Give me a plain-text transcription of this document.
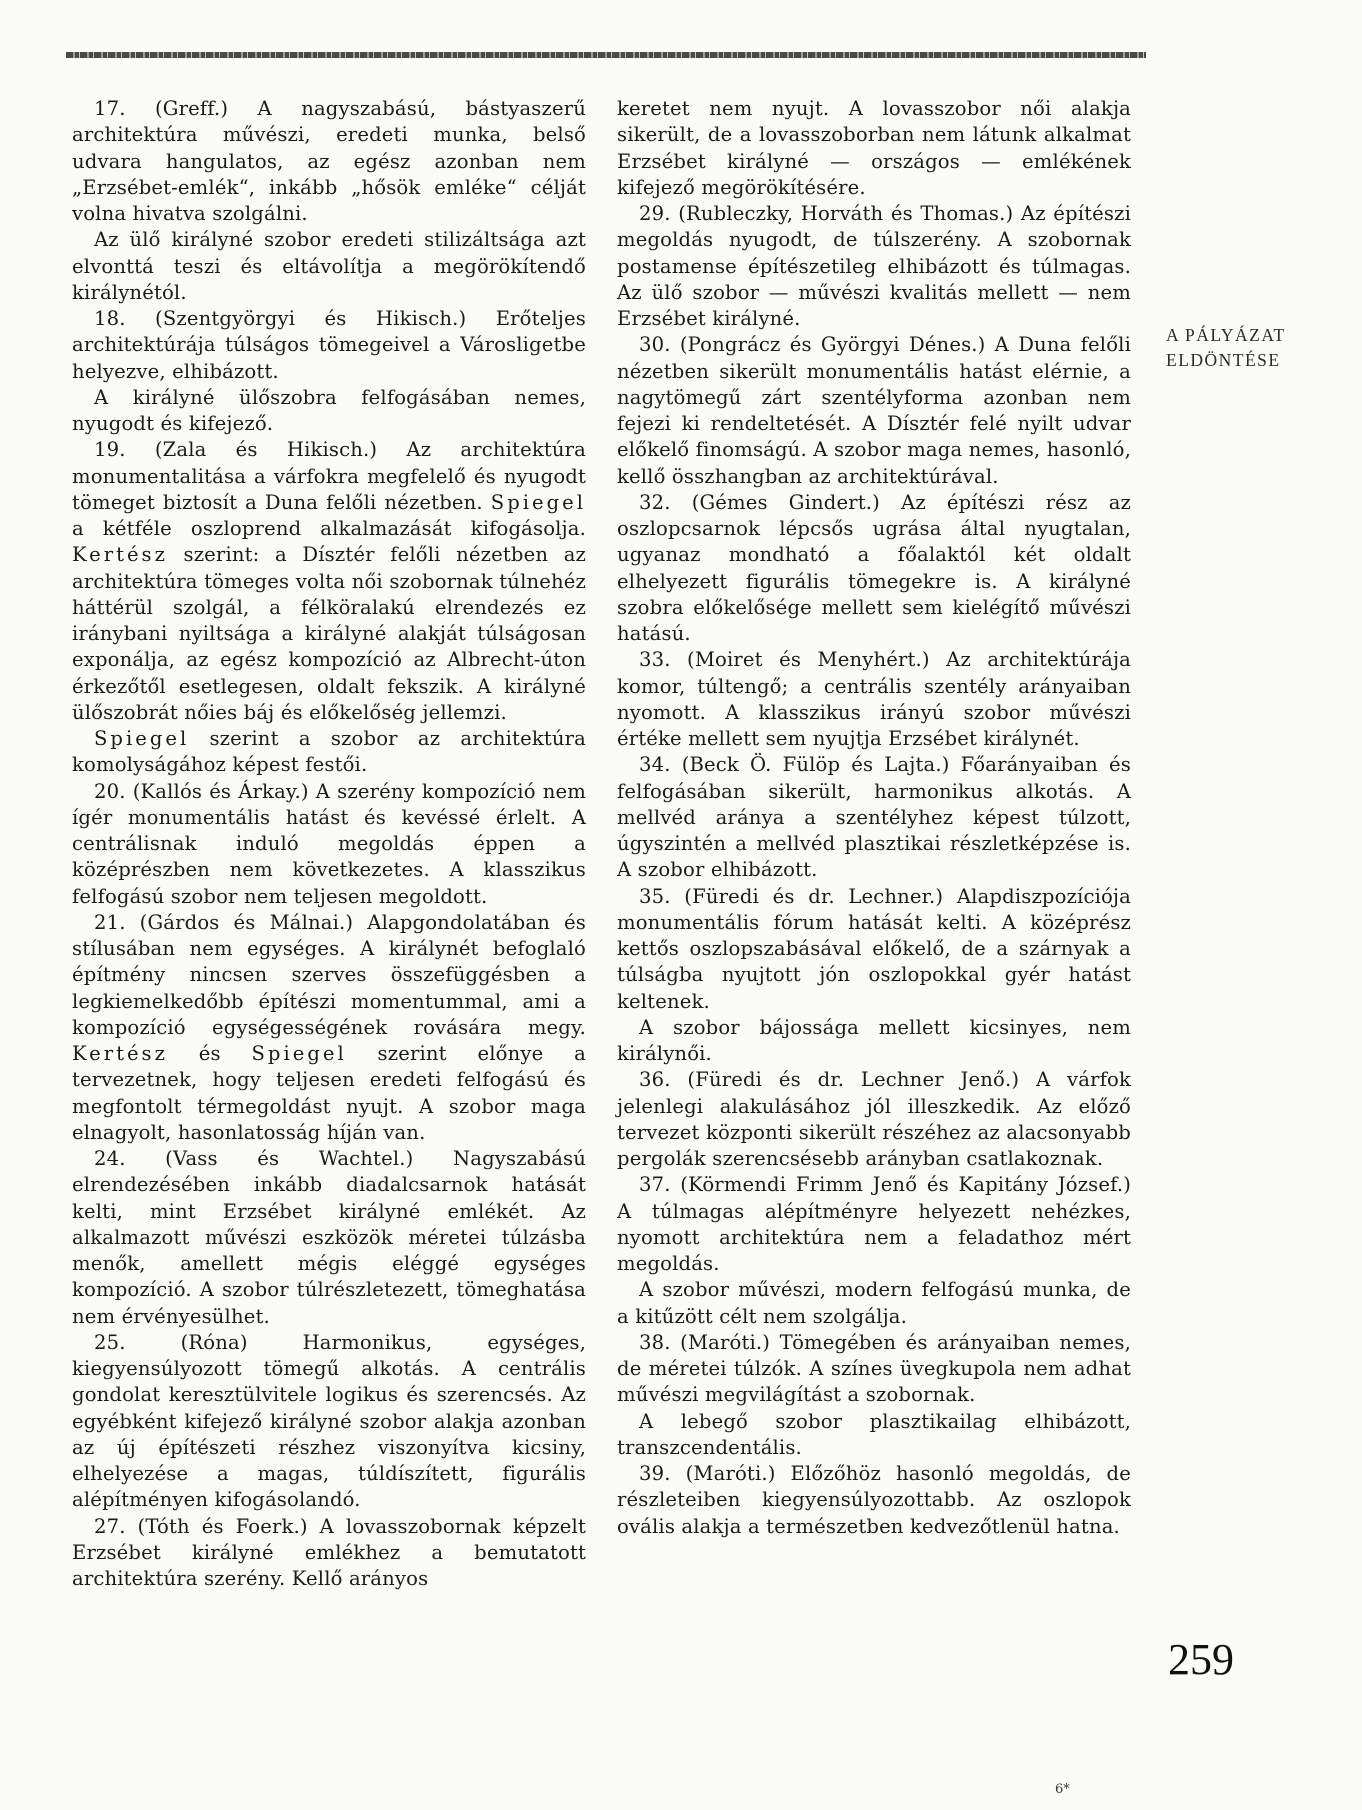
17. (Greff.) A nagyszabású, bástyaszerű architektúra művészi, eredeti munka, belső udvara hangulatos, az egész azonban nem „Erzsébet-emlék“, inkább „hősök emléke“ célját volna hivatva szolgálni.

Az ülő királyné szobor eredeti stilizáltsága azt elvonttá teszi és eltávolítja a megörökítendő királynétól.

18. (Szentgyörgyi és Hikisch.) Erőteljes architektúrája túlságos tömegeivel a Városligetbe helyezve, elhibázott.

A királyné ülőszobra felfogásában nemes, nyugodt és kifejező.

19. (Zala és Hikisch.) Az architektúra monumentalitása a várfokra megfelelő és nyugodt tömeget biztosít a Duna felőli nézetben. Spiegel a kétféle oszloprend alkalmazását kifogásolja. Kertész szerint: a Dísztér felőli nézetben az architektúra tömeges volta női szobornak túlnehéz háttérül szolgál, a félköralakú elrendezés ez iránybani nyiltsága a királyné alakját túlságosan exponálja, az egész kompozíció az Albrecht-úton érkezőtől esetlegesen, oldalt fekszik. A királyné ülőszobrát nőies báj és előkelőség jellemzi.

Spiegel szerint a szobor az architektúra komolyságához képest festői.

20. (Kallós és Árkay.) A szerény kompozíció nem ígér monumentális hatást és kevéssé érlelt. A centrálisnak induló megoldás éppen a középrészben nem következetes. A klasszikus felfogású szobor nem teljesen megoldott.

21. (Gárdos és Málnai.) Alapgondolatában és stílusában nem egységes. A királynét befoglaló építmény nincsen szerves összefüggésben a legkiemelkedőbb építészi momentummal, ami a kompozíció egységességének rovására megy. Kertész és Spiegel szerint előnye a tervezetnek, hogy teljesen eredeti felfogású és megfontolt térmegoldást nyujt. A szobor maga elnagyolt, hasonlatosság híján van.

24. (Vass és Wachtel.) Nagyszabású elrendezésében inkább diadalcsarnok hatását kelti, mint Erzsébet királyné emlékét. Az alkalmazott művészi eszközök méretei túlzásba menők, amellett mégis eléggé egységes kompozíció. A szobor túlrészletezett, tömeghatása nem érvényesülhet.

25. (Róna) Harmonikus, egységes, kiegyensúlyozott tömegű alkotás. A centrális gondolat keresztülvitele logikus és szerencsés. Az egyébként kifejező királyné szobor alakja azonban az új építészeti részhez viszonyítva kicsiny, elhelyezése a magas, túldíszített, figurális alépítményen kifogásolandó.

27. (Tóth és Foerk.) A lovasszobornak képzelt Erzsébet királyné emlékhez a bemutatott architektúra szerény. Kellő arányos

keretet nem nyujt. A lovasszobor női alakja sikerült, de a lovasszoborban nem látunk alkalmat Erzsébet királyné — országos — emlékének kifejező megörökítésére.

29. (Rubleczky, Horváth és Thomas.) Az építészi megoldás nyugodt, de túlszerény. A szobornak postamense építészetileg elhibázott és túlmagas. Az ülő szobor — művészi kvalitás mellett — nem Erzsébet királyné.

30. (Pongrácz és Györgyi Dénes.) A Duna felőli nézetben sikerült monumentális hatást elérnie, a nagytömegű zárt szentélyforma azonban nem fejezi ki rendeltetését. A Dísztér felé nyilt udvar előkelő finomságú. A szobor maga nemes, hasonló, kellő összhangban az architektúrával.

32. (Gémes Gindert.) Az építészi rész az oszlopcsarnok lépcsős ugrása által nyugtalan, ugyanaz mondható a főalaktól két oldalt elhelyezett figurális tömegekre is. A királyné szobra előkelősége mellett sem kielégítő művészi hatású.

33. (Moiret és Menyhért.) Az architektúrája komor, túltengő; a centrális szentély arányaiban nyomott. A klasszikus irányú szobor művészi értéke mellett sem nyujtja Erzsébet királynét.

34. (Beck Ö. Fülöp és Lajta.) Főarányaiban és felfogásában sikerült, harmonikus alkotás. A mellvéd aránya a szentélyhez képest túlzott, úgyszintén a mellvéd plasztikai részletképzése is. A szobor elhibázott.

35. (Füredi és dr. Lechner.) Alapdiszpozíciója monumentális fórum hatását kelti. A középrész kettős oszlopszabásával előkelő, de a szárnyak a túlságba nyujtott jón oszlopokkal gyér hatást keltenek.

A szobor bájossága mellett kicsinyes, nem királynői.

36. (Füredi és dr. Lechner Jenő.) A várfok jelenlegi alakulásához jól illeszkedik. Az előző tervezet központi sikerült részéhez az alacsonyabb pergolák szerencsésebb arányban csatlakoznak.

37. (Körmendi Frimm Jenő és Kapitány József.) A túlmagas alépítményre helyezett nehézkes, nyomott architektúra nem a feladathoz mért megoldás.

A szobor művészi, modern felfogású munka, de a kitűzött célt nem szolgálja.

38. (Maróti.) Tömegében és arányaiban nemes, de méretei túlzók. A színes üvegkupola nem adhat művészi megvilágítást a szobornak.

A lebegő szobor plasztikailag elhibázott, transzcendentális.

39. (Maróti.) Előzőhöz hasonló megoldás, de részleteiben kiegyensúlyozottabb. Az oszlopok ovális alakja a természetben kedvezőtlenül hatna.

A PÁLYÁZAT
ELDÖNTÉSE
259
6*
